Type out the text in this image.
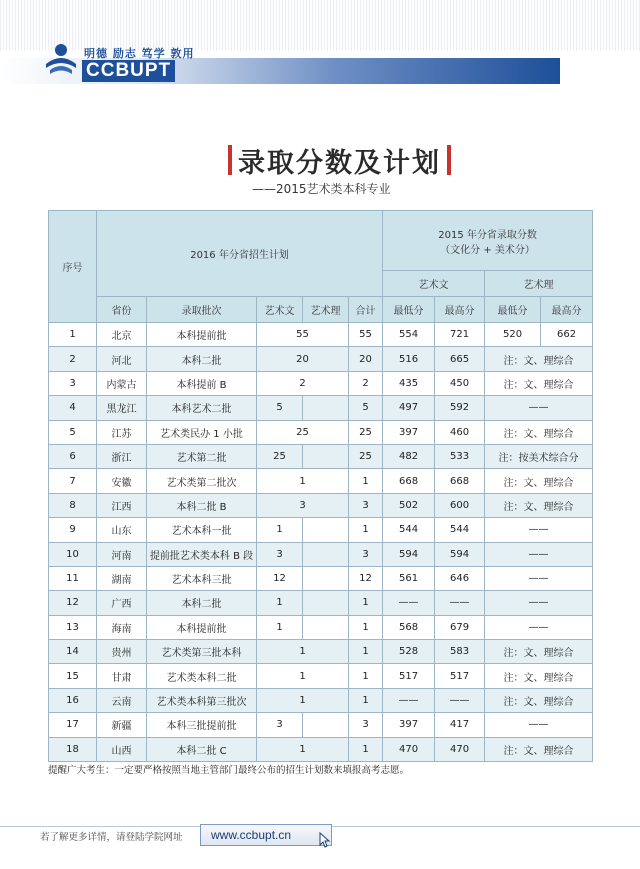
明德 励志 笃学 敦用
CCBUPT
录取分数及计划
——2015艺术类本科专业
序号	2016 年分省招生计划					2015 年分省录取分数
（文化分 + 美术分）			

						艺术文		艺术理	
	省份	录取批次	艺术文	艺术理	合计	最低分	最高分	最低分	最高分
1	北京	本科提前批	55		55	554	721	520	662
2	河北	本科二批	20		20	516	665	注：文、理综合	
3	内蒙古	本科提前 B	2		2	435	450	注：文、理综合	
4	黑龙江	本科艺术二批	5		5	497	592	——	
5	江苏	艺术类民办 1 小批	25		25	397	460	注：文、理综合	
6	浙江	艺术第二批	25		25	482	533	注：按美术综合分	
7	安徽	艺术类第二批次	1		1	668	668	注：文、理综合	
8	江西	本科二批 B	3		3	502	600	注：文、理综合	
9	山东	艺术本科一批	1		1	544	544	——	
10	河南	提前批艺术类本科 B 段	3		3	594	594	——	
11	湖南	艺术本科三批	12		12	561	646	——	
12	广西	本科二批	1		1	——	——	——	
13	海南	本科提前批	1		1	568	679	——	
14	贵州	艺术类第三批本科	1		1	528	583	注：文、理综合	
15	甘肃	艺术类本科二批	1		1	517	517	注：文、理综合	
16	云南	艺术类本科第三批次	1		1	——	——	注：文、理综合	
17	新疆	本科三批提前批	3		3	397	417	——	
18	山西	本科二批 C	1		1	470	470	注：文、理综合	
提醒广大考生：一定要严格按照当地主管部门最终公布的招生计划数来填报高考志愿。
若了解更多详情，请登陆学院网址	www.ccbupt.cn
